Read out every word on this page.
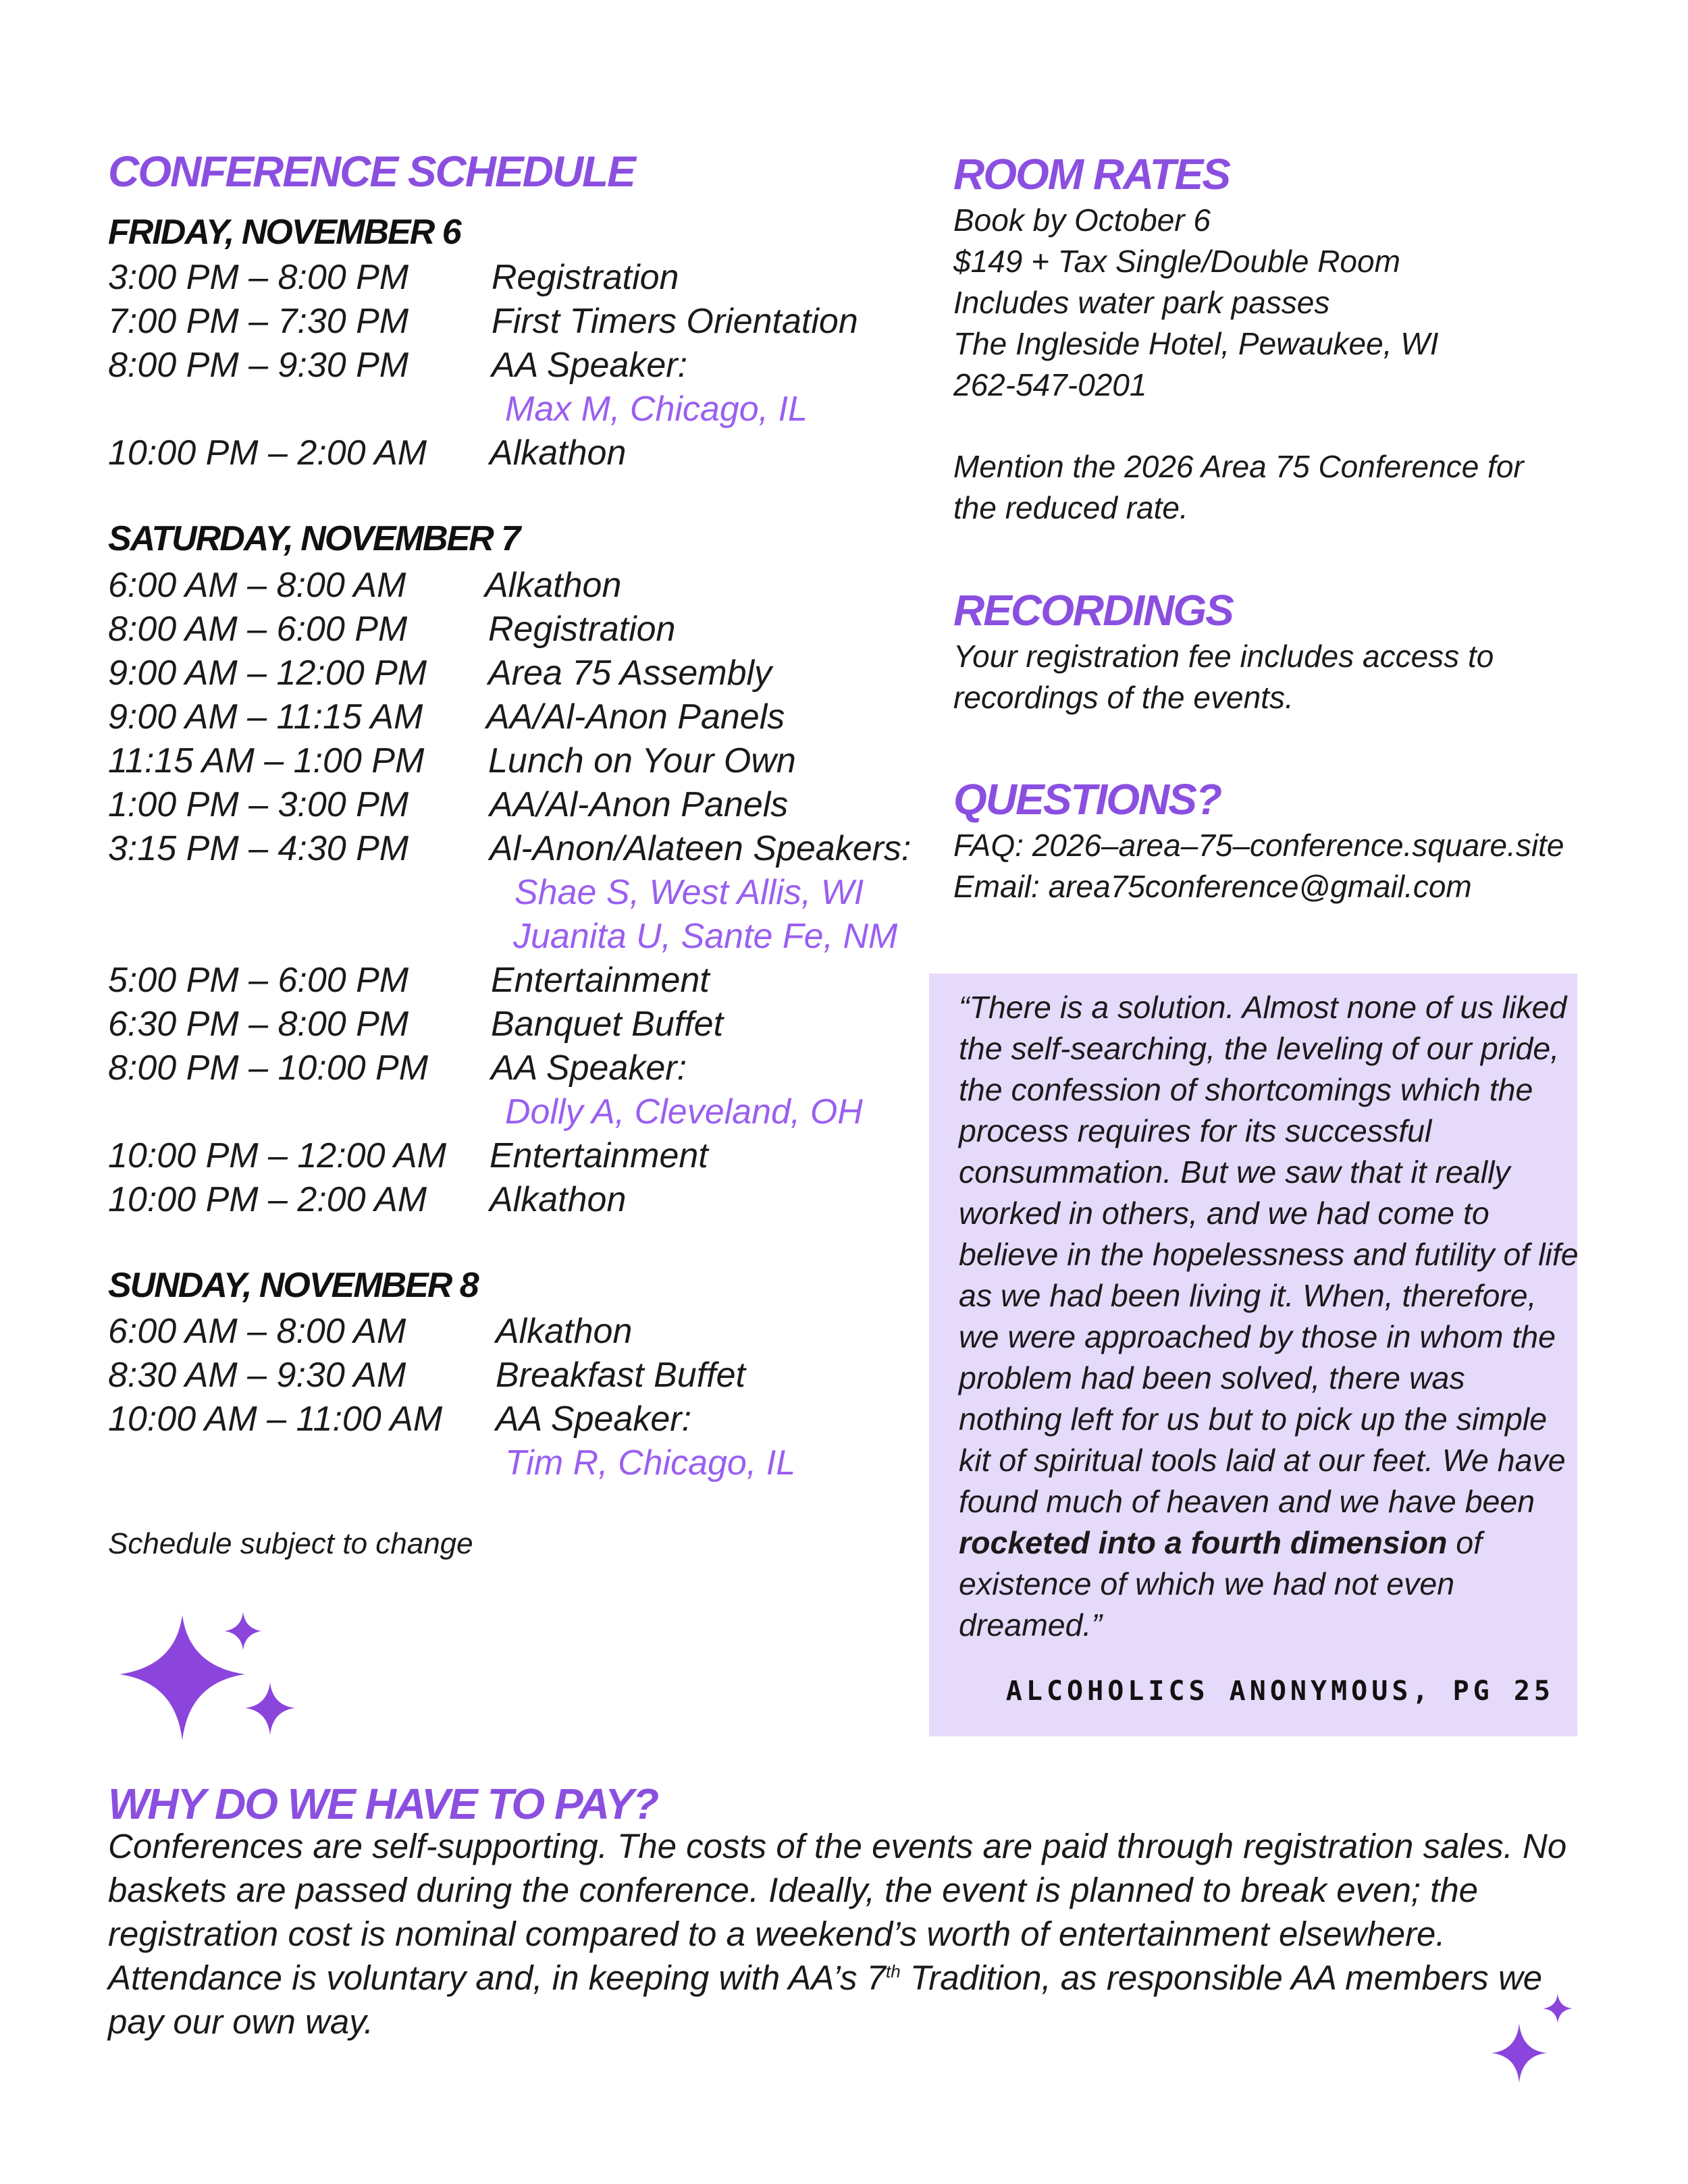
CONFERENCE SCHEDULE
FRIDAY, NOVEMBER 6
3:00 PM – 8:00 PM Registration
7:00 PM – 7:30 PM First Timers Orientation
8:00 PM – 9:30 PM AA Speaker:
Max M, Chicago, IL
10:00 PM – 2:00 AM Alkathon
SATURDAY, NOVEMBER 7
6:00 AM – 8:00 AM Alkathon
8:00 AM – 6:00 PM Registration
9:00 AM – 12:00 PM Area 75 Assembly
9:00 AM – 11:15 AM AA/Al-Anon Panels
11:15 AM – 1:00 PM Lunch on Your Own
1:00 PM – 3:00 PM AA/Al-Anon Panels
3:15 PM – 4:30 PM Al-Anon/Alateen Speakers:
Shae S, West Allis, WI
Juanita U, Sante Fe, NM
5:00 PM – 6:00 PM Entertainment
6:30 PM – 8:00 PM Banquet Buffet
8:00 PM – 10:00 PM AA Speaker:
Dolly A, Cleveland, OH
10:00 PM – 12:00 AM Entertainment
10:00 PM – 2:00 AM Alkathon
SUNDAY, NOVEMBER 8
6:00 AM – 8:00 AM	Alkathon
8:30 AM – 9:30 AM	Breakfast Buffet
10:00 AM – 11:00 AM AA Speaker:
Tim R, Chicago, IL
Schedule subject to change
ROOM RATES
Book by October 6
$149 + Tax Single/Double Room
Includes water park passes
The Ingleside Hotel, Pewaukee, WI
262-547-0201
Mention the 2026 Area 75 Conference for
the reduced rate.
RECORDINGS
Your registration fee includes access to
recordings of the events.
QUESTIONS?
FAQ: 2026–area–75–conference.square.site
Email: area75conference@gmail.com
“There is a solution. Almost none of us liked
the self-searching, the leveling of our pride,
the confession of shortcomings which the
process requires for its successful
consummation. But we saw that it really
worked in others, and we had come to
believe in the hopelessness and futility of life
as we had been living it. When, therefore,
we were approached by those in whom the
problem had been solved, there was
nothing left for us but to pick up the simple
kit of spiritual tools laid at our feet. We have
found much of heaven and we have been
rocketed into a fourth dimension of
existence of which we had not even
dreamed.”
ALCOHOLICS ANONYMOUS, PG 25
WHY DO WE HAVE TO PAY?
Conferences are self-supporting. The costs of the events are paid through registration sales. No
baskets are passed during the conference. Ideally, the event is planned to break even; the
registration cost is nominal compared to a weekend’s worth of entertainment elsewhere.
Attendance is voluntary and, in keeping with AA’s 7th Tradition, as responsible AA members we
pay our own way.
